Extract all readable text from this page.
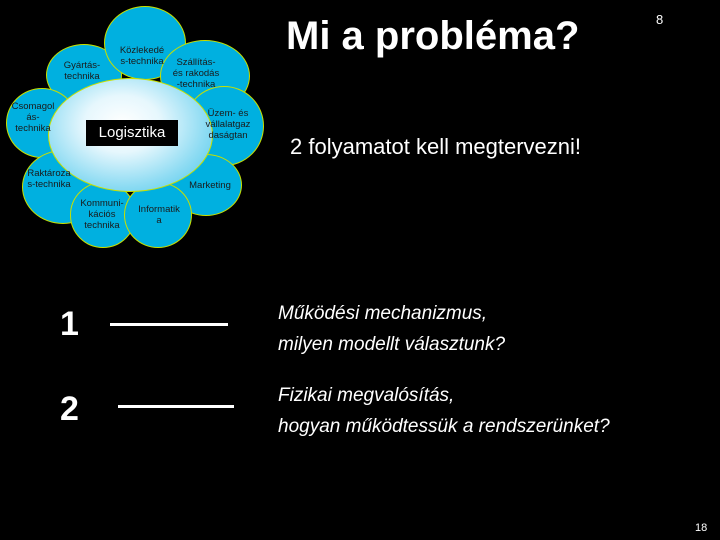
Logisztika
Gyártás-
technika
Közlekedé
s-technika	Szállítás-
és rakodás
-technika
Csomagol
ás-
technika
Üzem- és
vállalatgaz
daságtan
Raktároza
s-technika	Marketing
Kommuni-
kációs
technika
Informatik
a
Mi a probléma?	8
2 folyamatot kell megtervezni!
1	Működési mechanizmus,
milyen modellt választunk?
2	Fizikai megvalósítás,
hogyan működtessük a rendszerünket?
18
